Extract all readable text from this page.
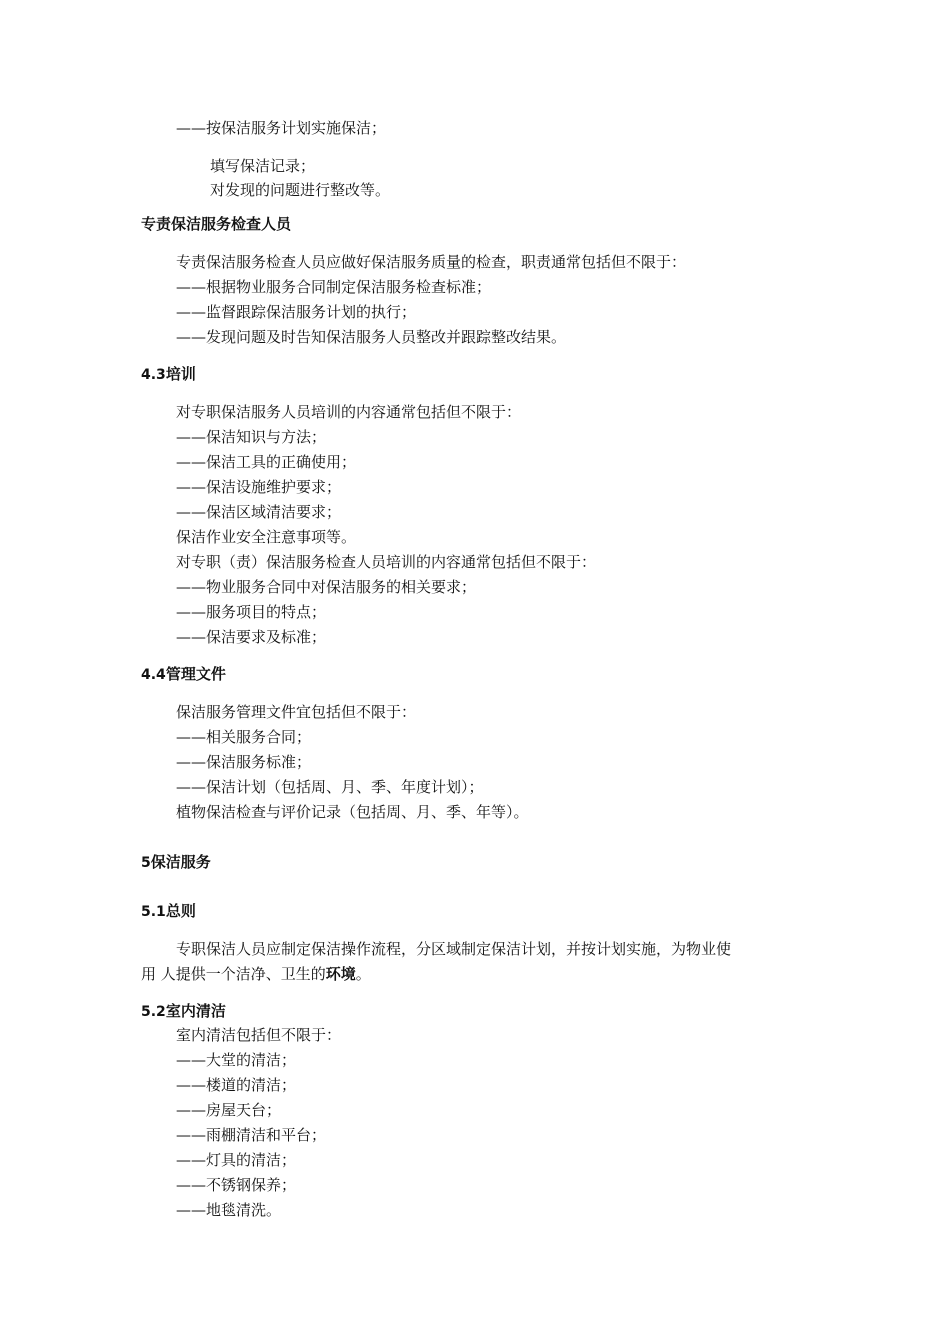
——按保洁服务计划实施保洁；
填写保洁记录；
对发现的问题进行整改等。
专责保洁服务检查人员
专责保洁服务检查人员应做好保洁服务质量的检查，职责通常包括但不限于：
——根据物业服务合同制定保洁服务检查标准；
——监督跟踪保洁服务计划的执行；
——发现问题及时告知保洁服务人员整改并跟踪整改结果。
4.3培训
对专职保洁服务人员培训的内容通常包括但不限于：
——保洁知识与方法；
——保洁工具的正确使用；
——保洁设施维护要求；
——保洁区域清洁要求；
保洁作业安全注意事项等。
对专职（责）保洁服务检查人员培训的内容通常包括但不限于：
——物业服务合同中对保洁服务的相关要求；
——服务项目的特点；
——保洁要求及标准；
4.4管理文件
保洁服务管理文件宜包括但不限于：
——相关服务合同；
——保洁服务标准；
——保洁计划（包括周、月、季、年度计划）；
植物保洁检查与评价记录（包括周、月、季、年等）。
5保洁服务
5.1总则
专职保洁人员应制定保洁操作流程，分区域制定保洁计划，并按计划实施，为物业使
用 人提供一个洁净、卫生的环境。
5.2室内清洁
室内清洁包括但不限于：
——大堂的清洁；
——楼道的清洁；
——房屋天台；
——雨棚清洁和平台；
——灯具的清洁；
——不锈钢保养；
——地毯清洗。
